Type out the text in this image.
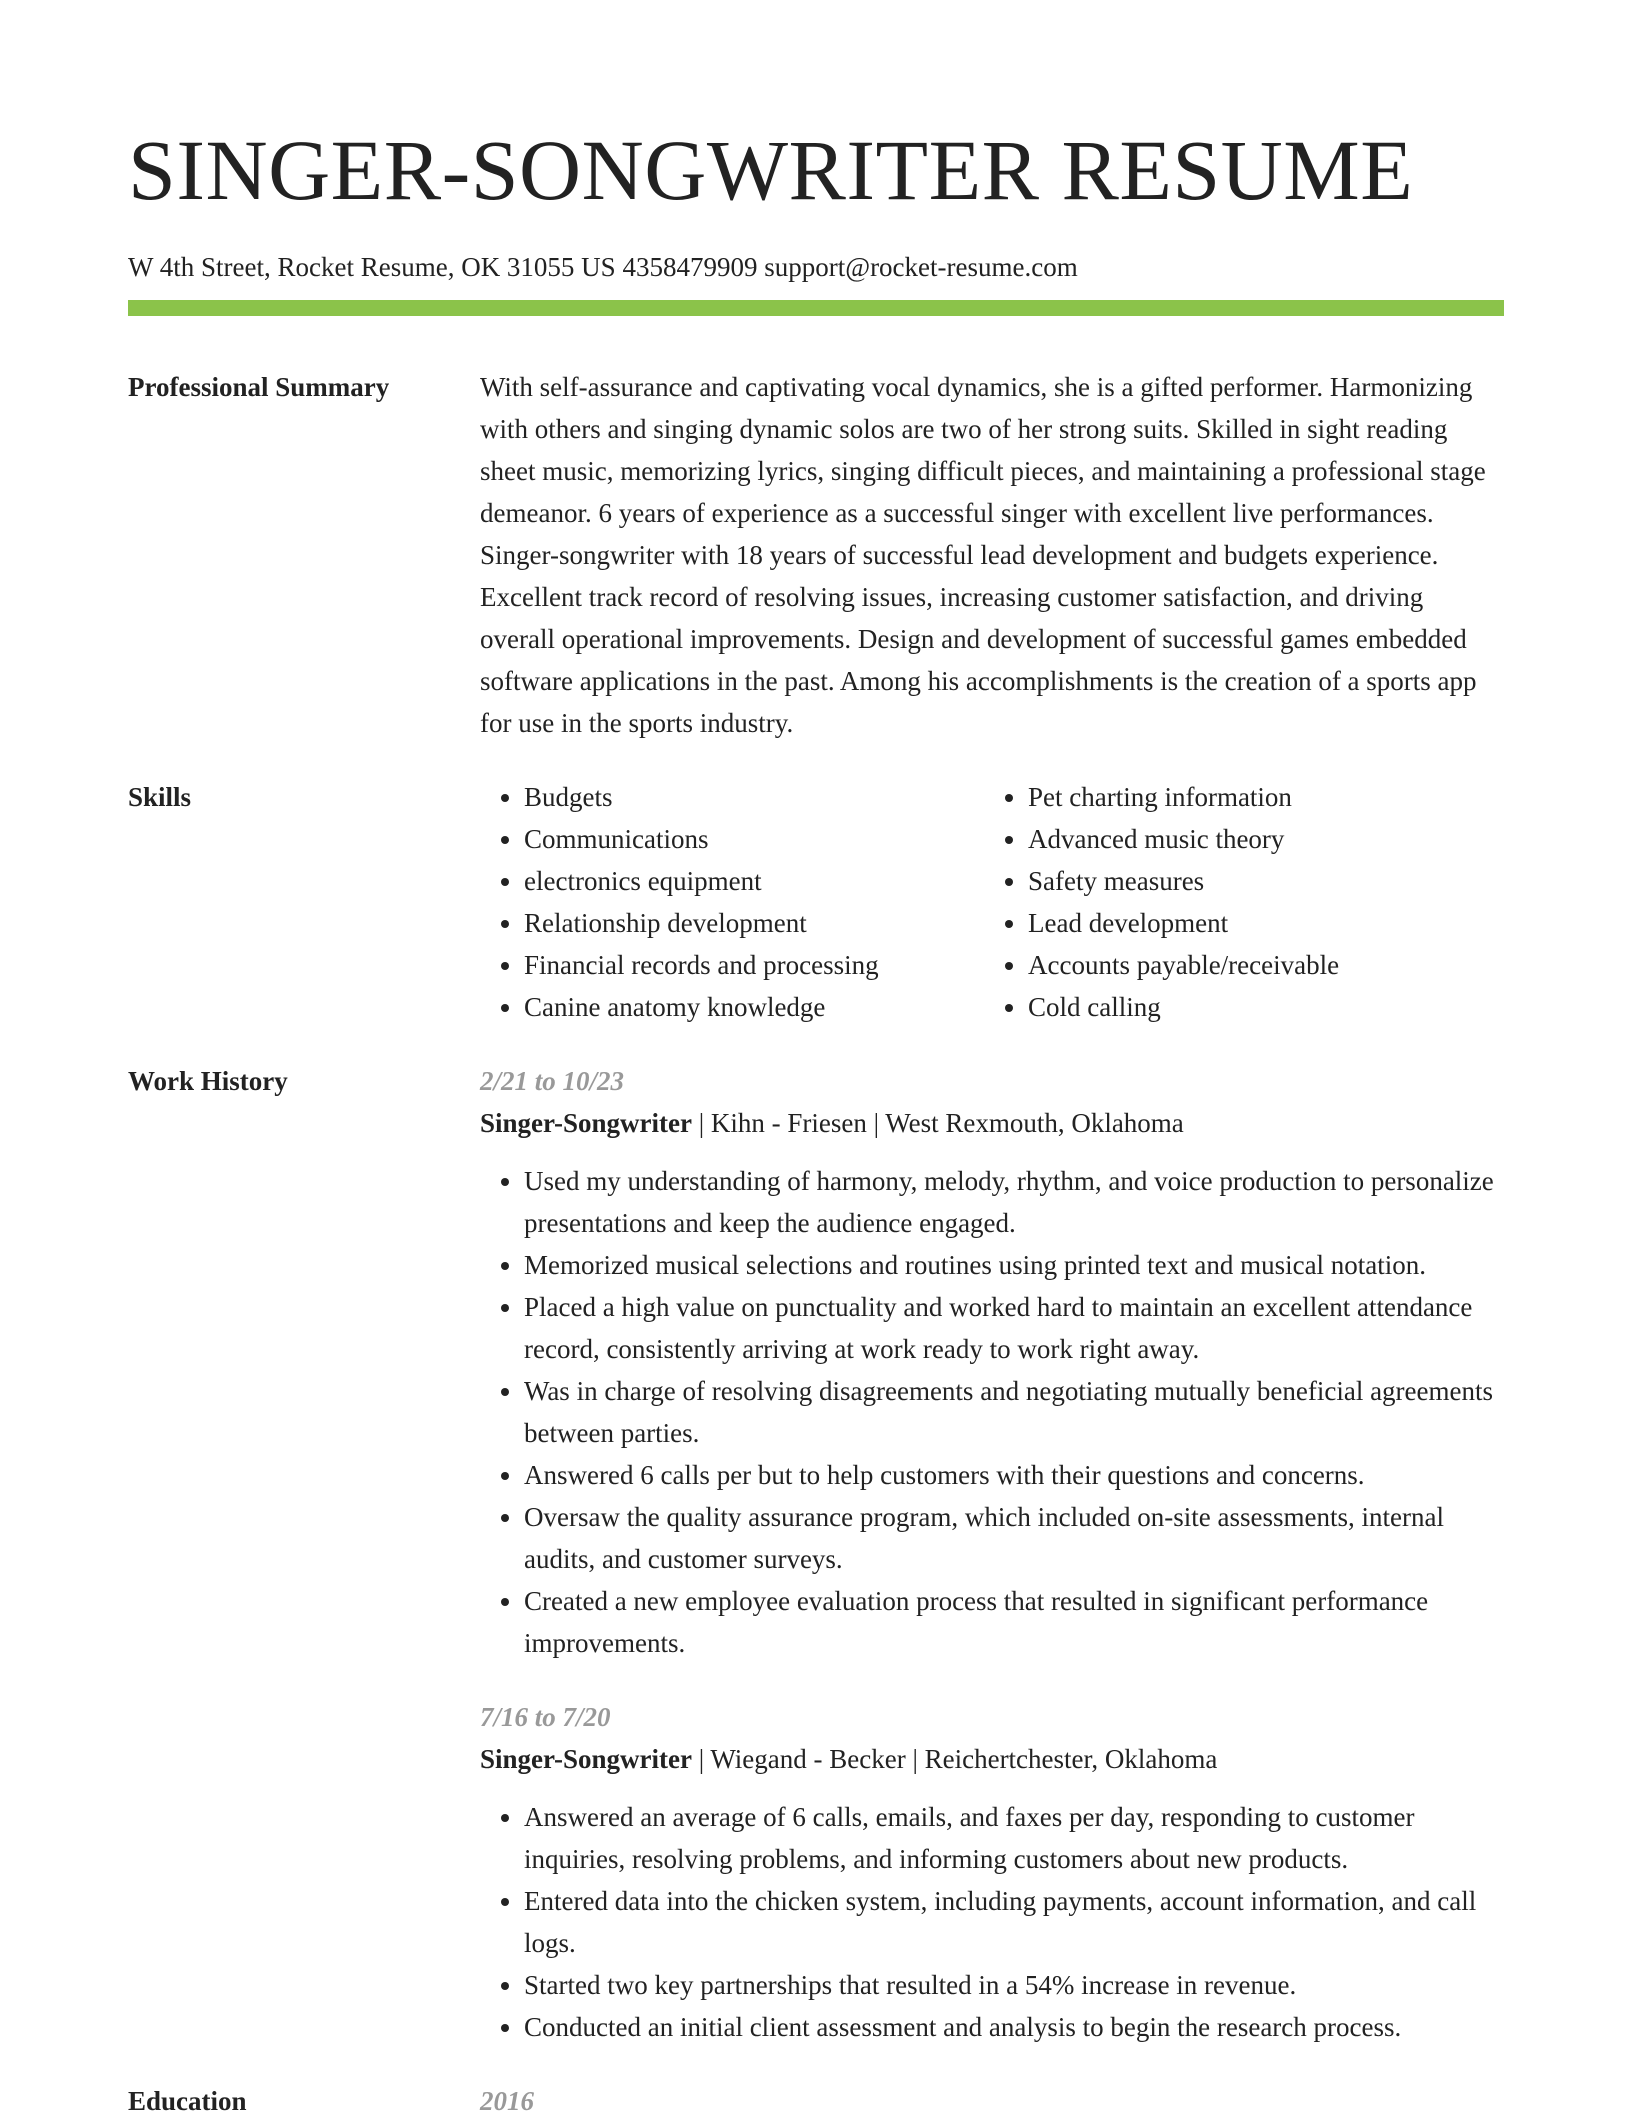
SINGER-SONGWRITER RESUME
W 4th Street, Rocket Resume, OK 31055 US 4358479909 support@rocket-resume.com
Professional Summary	With self-assurance and captivating vocal dynamics, she is a gifted performer. Harmonizing with others and singing dynamic solos are two of her strong suits. Skilled in sight reading sheet music, memorizing lyrics, singing difficult pieces, and maintaining a professional stage demeanor. 6 years of experience as a successful singer with excellent live performances. Singer-songwriter with 18 years of successful lead development and budgets experience. Excellent track record of resolving issues, increasing customer satisfaction, and driving overall operational improvements. Design and development of successful games embedded software applications in the past. Among his accomplishments is the creation of a sports app for use in the sports industry.

Skills
•	Budgets
• Communications
• electronics equipment
• Relationship development
• Financial records and processing
• Canine anatomy knowledge
• Pet charting information
• Advanced music theory
• Safety measures
• Lead development
• Accounts payable/receivable
• Cold calling
Work History	2/21 to 10/23
Singer-Songwriter | Kihn - Friesen | West Rexmouth, Oklahoma
• Used my understanding of harmony, melody, rhythm, and voice production to personalize presentations and keep the audience engaged.
• Memorized musical selections and routines using printed text and musical notation.
• Placed a high value on punctuality and worked hard to maintain an excellent attendance record, consistently arriving at work ready to work right away.
• Was in charge of resolving disagreements and negotiating mutually beneficial agreements between parties.
• Answered 6 calls per but to help customers with their questions and concerns.
• Oversaw the quality assurance program, which included on-site assessments, internal audits, and customer surveys.
• Created a new employee evaluation process that resulted in significant performance improvements.
7/16 to 7/20
Singer-Songwriter | Wiegand - Becker | Reichertchester, Oklahoma
• Answered an average of 6 calls, emails, and faxes per day, responding to customer inquiries, resolving problems, and informing customers about new products.
• Entered data into the chicken system, including payments, account information, and call logs.
• Started two key partnerships that resulted in a 54% increase in revenue.
• Conducted an initial client assessment and analysis to begin the research process.
Education	2016
